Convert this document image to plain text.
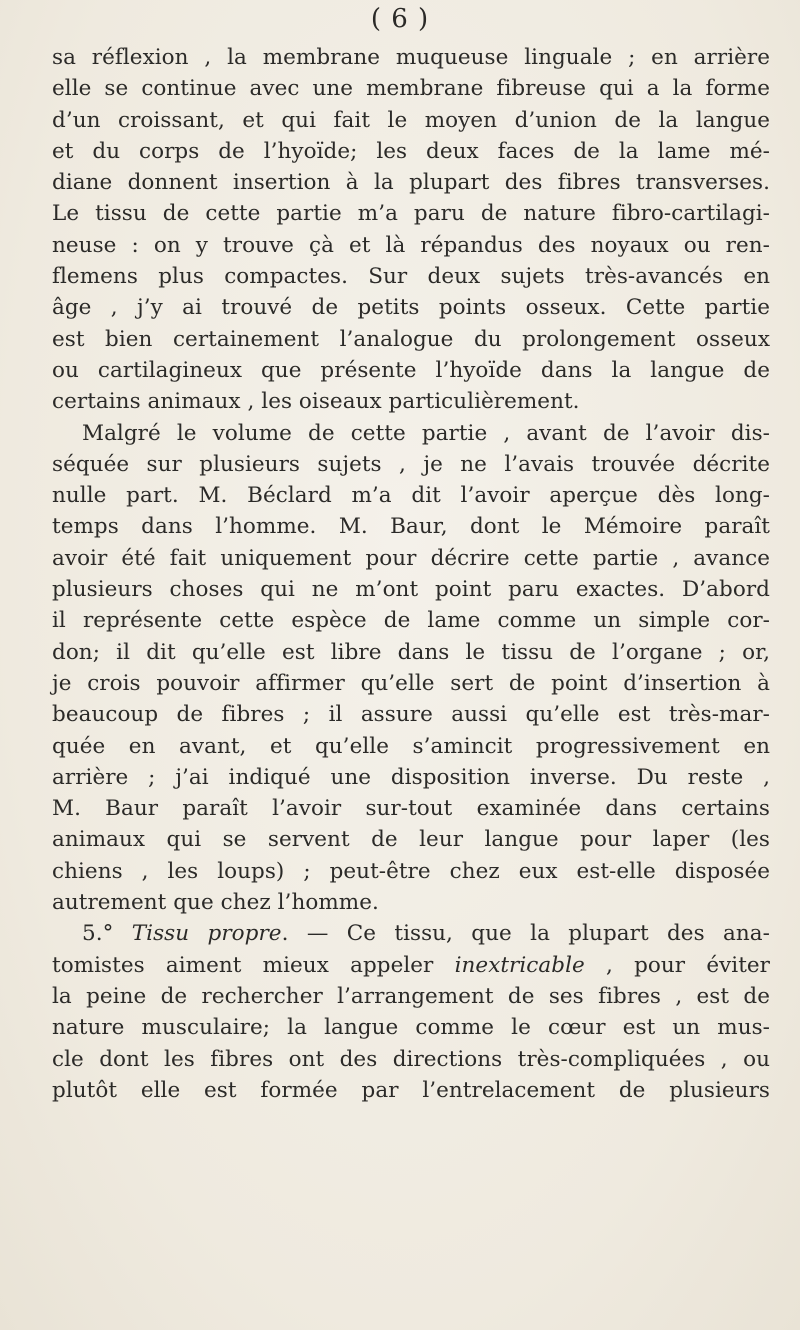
( 6 )
sa réflexion , la membrane muqueuse linguale ; en arrière
elle se continue avec une membrane fibreuse qui a la forme
d’un croissant, et qui fait le moyen d’union de la langue
et du corps de l’hyoïde; les deux faces de la lame mé-
diane donnent insertion à la plupart des fibres transverses.
Le tissu de cette partie m’a paru de nature fibro-cartilagi-
neuse : on y trouve çà et là répandus des noyaux ou ren-
flemens plus compactes. Sur deux sujets très-avancés en
âge , j’y ai trouvé de petits points osseux. Cette partie
est bien certainement l’analogue du prolongement osseux
ou cartilagineux que présente l’hyoïde dans la langue de
certains animaux , les oiseaux particulièrement.
Malgré le volume de cette partie , avant de l’avoir dis-
séquée sur plusieurs sujets , je ne l’avais trouvée décrite
nulle part. M. Béclard m’a dit l’avoir aperçue dès long-
temps dans l’homme. M. Baur, dont le Mémoire paraît
avoir été fait uniquement pour décrire cette partie , avance
plusieurs choses qui ne m’ont point paru exactes. D’abord
il représente cette espèce de lame comme un simple cor-
don; il dit qu’elle est libre dans le tissu de l’organe ; or,
je crois pouvoir affirmer qu’elle sert de point d’insertion à
beaucoup de fibres ; il assure aussi qu’elle est très-mar-
quée en avant, et qu’elle s’amincit progressivement en
arrière ; j’ai indiqué une disposition inverse. Du reste ,
M. Baur paraît l’avoir sur-tout examinée dans certains
animaux qui se servent de leur langue pour laper (les
chiens , les loups) ; peut-être chez eux est-elle disposée
autrement que chez l’homme.
5.° Tissu propre. — Ce tissu, que la plupart des ana-
tomistes aiment mieux appeler inextricable , pour éviter
la peine de rechercher l’arrangement de ses fibres , est de
nature musculaire; la langue comme le cœur est un mus-
cle dont les fibres ont des directions très-compliquées , ou
plutôt elle est formée par l’entrelacement de plusieurs
